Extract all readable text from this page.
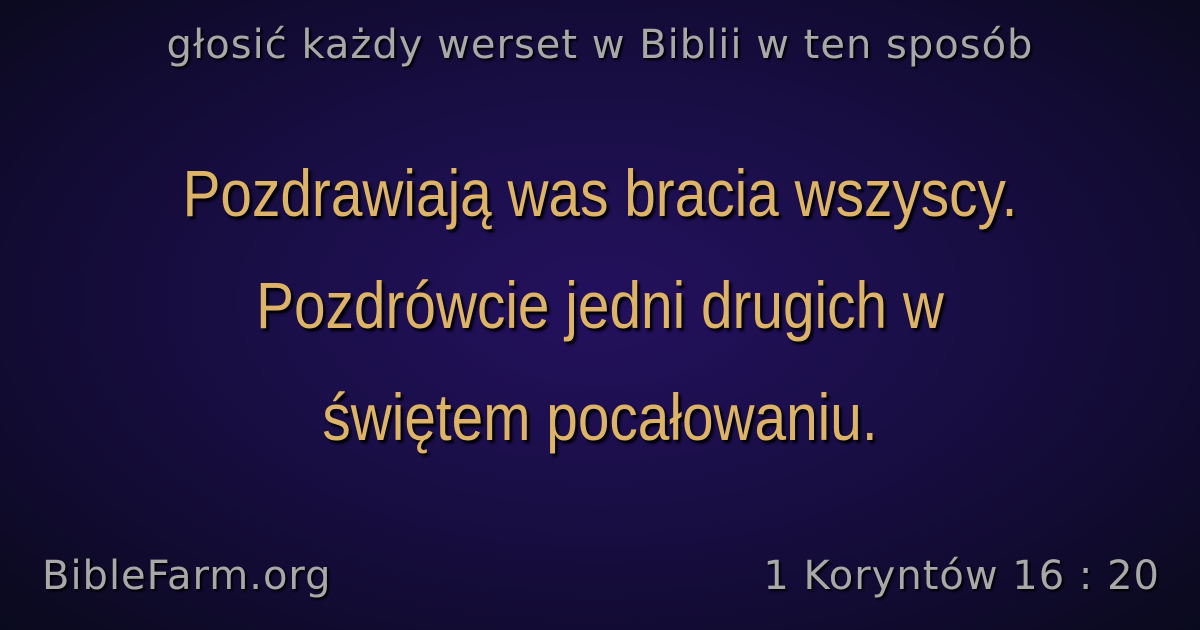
głosić każdy werset w Biblii w ten sposób
Pozdrawiają was bracia wszyscy.
Pozdrówcie jedni drugich w
świętem pocałowaniu.
BibleFarm.org	1 Koryntów 16 : 20
